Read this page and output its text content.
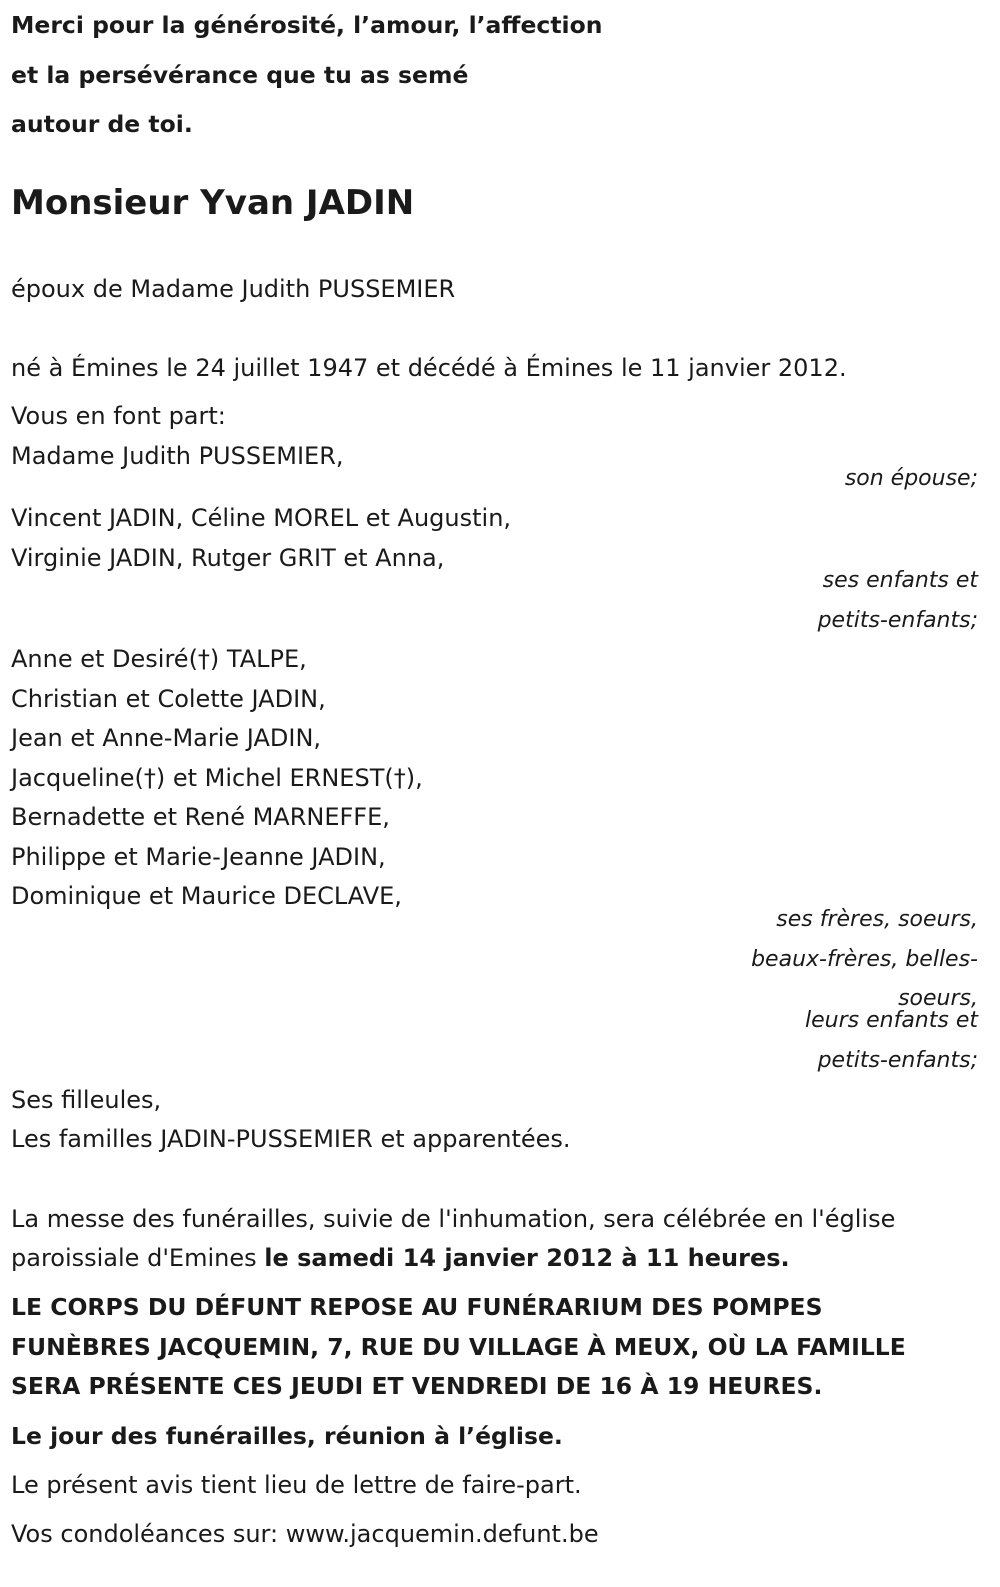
Merci pour la générosité, l’amour, l’affection
et la persévérance que tu as semé
autour de toi.
Monsieur Yvan JADIN
époux de Madame Judith PUSSEMIER
né à Émines le 24 juillet 1947 et décédé à Émines le 11 janvier 2012.
Vous en font part:
Madame Judith PUSSEMIER,
son épouse;
Vincent JADIN, Céline MOREL et Augustin,
Virginie JADIN, Rutger GRIT et Anna,
ses enfants et
petits-enfants;
Anne et Desiré(†) TALPE,
Christian et Colette JADIN,
Jean et Anne-Marie JADIN,
Jacqueline(†) et Michel ERNEST(†),
Bernadette et René MARNEFFE,
Philippe et Marie-Jeanne JADIN,
Dominique et Maurice DECLAVE,
ses frères, soeurs,
beaux-frères, belles-
soeurs,
leurs enfants et
petits-enfants;
Ses filleules,
Les familles JADIN-PUSSEMIER et apparentées.
La messe des funérailles, suivie de l'inhumation, sera célébrée en l'église
paroissiale d'Emines le samedi 14 janvier 2012 à 11 heures.
LE CORPS DU DÉFUNT REPOSE AU FUNÉRARIUM DES POMPES
FUNÈBRES JACQUEMIN, 7, RUE DU VILLAGE À MEUX, OÙ LA FAMILLE
SERA PRÉSENTE CES JEUDI ET VENDREDI DE 16 À 19 HEURES.
Le jour des funérailles, réunion à l’église.
Le présent avis tient lieu de lettre de faire-part.
Vos condoléances sur: www.jacquemin.defunt.be
